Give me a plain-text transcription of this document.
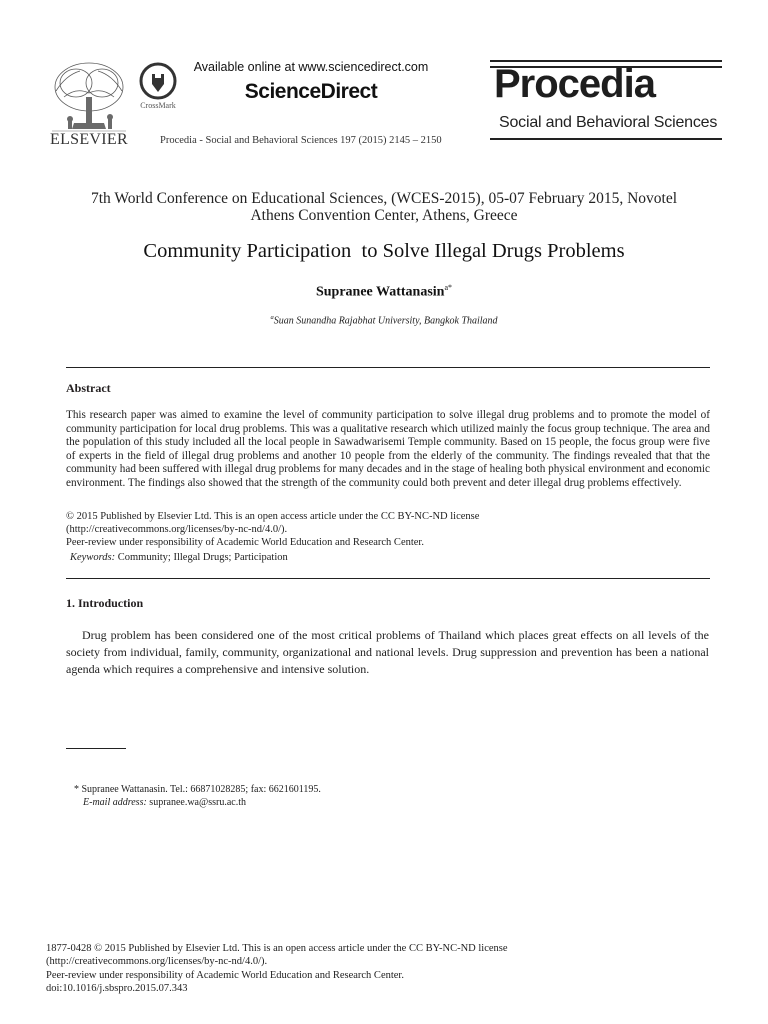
ELSEVIER
CrossMark
Available online at www.sciencedirect.com
ScienceDirect
Procedia - Social and Behavioral Sciences 197 (2015) 2145 – 2150
Procedia
Social and Behavioral Sciences
7th World Conference on Educational Sciences, (WCES-2015), 05-07 February 2015, Novotel
Athens Convention Center, Athens, Greece
Community Participation  to Solve Illegal Drugs Problems
Supranee Wattanasin$^{a*}$
$^a$Suan Sunandha Rajabhat University, Bangkok Thailand
Abstract
This research paper was aimed to examine the level of community participation to solve illegal drug problems and to promote the model of community participation for local drug problems. This was a qualitative research which utilized mainly the focus group technique. The area and the population of this study included all the local people in Sawadwarisemi Temple community. Based on 15 people, the focus group were five of experts in the field of illegal drug problems and another 10 people from the elderly of the community. The findings revealed that that the community had been suffered with illegal drug problems for many decades and in the stage of healing both physical environment and economic environment. The findings also showed that the strength of the community could both prevent and deter illegal drug problems effectively.
© 2015 Published by Elsevier Ltd. This is an open access article under the CC BY-NC-ND license
(http://creativecommons.org/licenses/by-nc-nd/4.0/).
Peer-review under responsibility of Academic World Education and Research Center.
Keywords: Community; Illegal Drugs; Participation
1. Introduction
Drug problem has been considered one of the most critical problems of Thailand which places great effects on all levels of the society from individual, family, community, organizational and national levels. Drug suppression and prevention has been a national agenda which requires a comprehensive and intensive solution.
* Supranee Wattanasin. Tel.: 66871028285; fax: 6621601195.
E-mail address: supranee.wa@ssru.ac.th
1877-0428 © 2015 Published by Elsevier Ltd. This is an open access article under the CC BY-NC-ND license
(http://creativecommons.org/licenses/by-nc-nd/4.0/).
Peer-review under responsibility of Academic World Education and Research Center.
doi:10.1016/j.sbspro.2015.07.343
